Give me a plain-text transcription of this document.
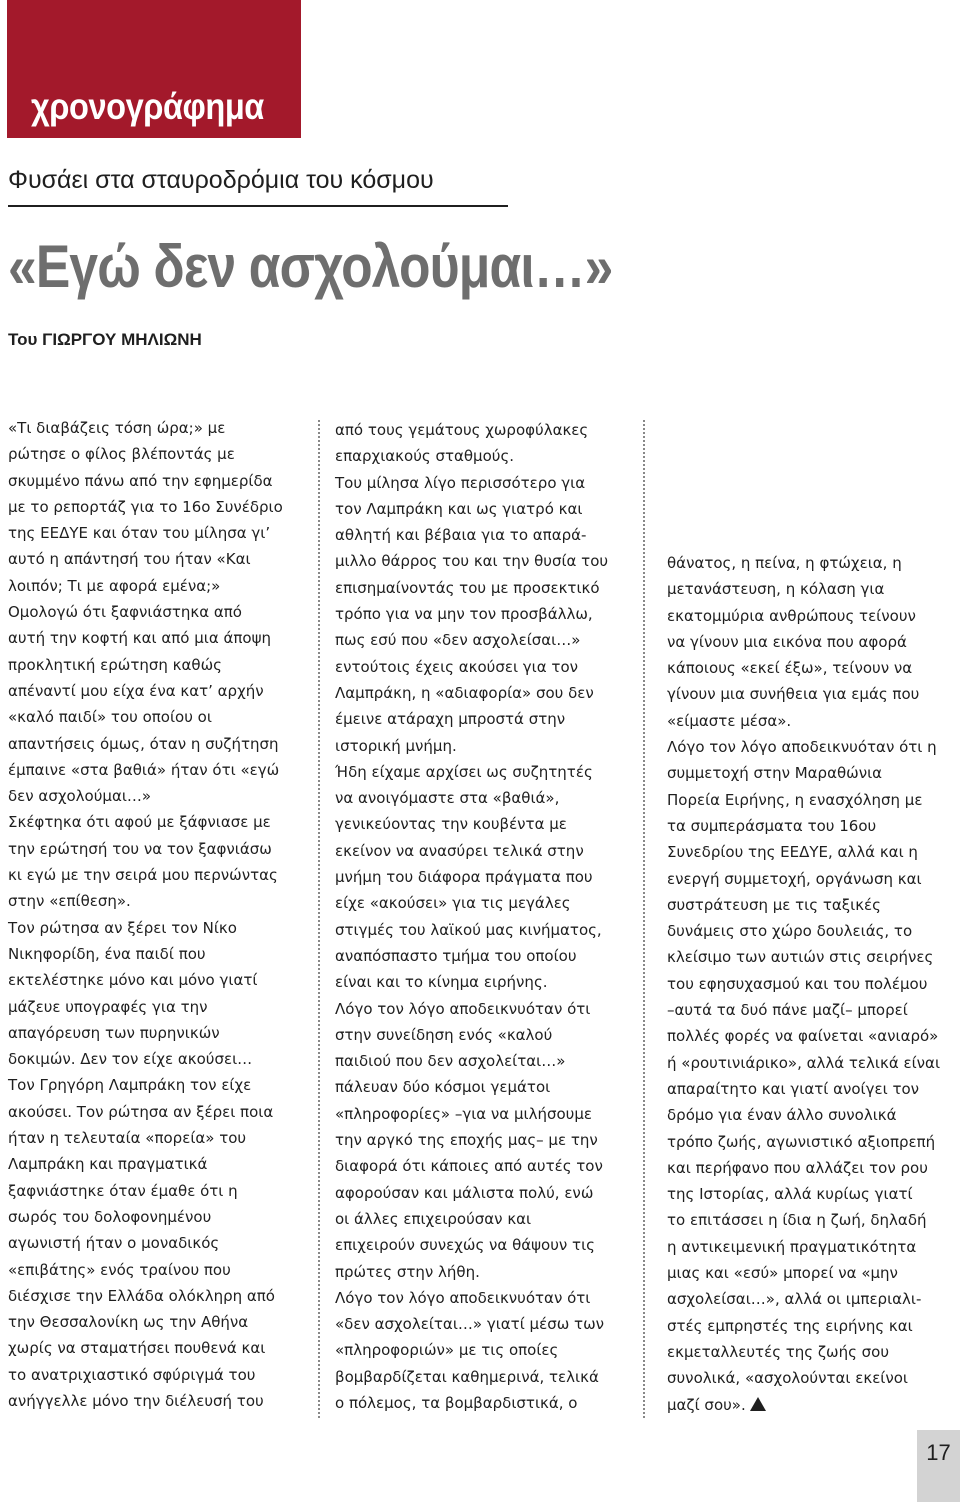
χρονογράφημα
Φυσάει στα σταυροδρόμια του κόσμου
«Εγώ δεν ασχολούμαι…»
Του ΓΙΩΡΓΟΥ ΜΗΛΙΩΝΗ
«Τι διαβάζεις τόση ώρα;» με
ρώτησε ο φίλος βλέποντάς με
σκυμμένο πάνω από την εφημερίδα
με το ρεπορτάζ για το 16ο Συνέδριο
της ΕΕΔΥΕ και όταν του μίλησα γι’
αυτό η απάντησή του ήταν «Και
λοιπόν; Τι με αφορά εμένα;»
Ομολογώ ότι ξαφνιάστηκα από
αυτή την κοφτή και από μια άποψη
προκλητική ερώτηση καθώς
απέναντί μου είχα ένα κατ’ αρχήν
«καλό παιδί» του οποίου οι
απαντήσεις όμως, όταν η συζήτηση
έμπαινε «στα βαθιά» ήταν ότι «εγώ
δεν ασχολούμαι…»
Σκέφτηκα ότι αφού με ξάφνιασε με
την ερώτησή του να τον ξαφνιάσω
κι εγώ με την σειρά μου περνώντας
στην «επίθεση».
Τον ρώτησα αν ξέρει τον Νίκο
Νικηφορίδη, ένα παιδί που
εκτελέστηκε μόνο και μόνο γιατί
μάζευε υπογραφές για την
απαγόρευση των πυρηνικών
δοκιμών. Δεν τον είχε ακούσει…
Τον Γρηγόρη Λαμπράκη τον είχε
ακούσει. Τον ρώτησα αν ξέρει ποια
ήταν η τελευταία «πορεία» του
Λαμπράκη και πραγματικά
ξαφνιάστηκε όταν έμαθε ότι η
σωρός του δολοφονημένου
αγωνιστή ήταν ο μοναδικός
«επιβάτης» ενός τραίνου που
διέσχισε την Ελλάδα ολόκληρη από
την Θεσσαλονίκη ως την Αθήνα
χωρίς να σταματήσει πουθενά και
το ανατριχιαστικό σφύριγμά του
ανήγγελλε μόνο την διέλευσή του
από τους γεμάτους χωροφύλακες
επαρχιακούς σταθμούς.
Του μίλησα λίγο περισσότερο για
τον Λαμπράκη και ως γιατρό και
αθλητή και βέβαια για το απαρά-
μιλλο θάρρος του και την θυσία του
επισημαίνοντάς του με προσεκτικό
τρόπο για να μην τον προσβάλλω,
πως εσύ που «δεν ασχολείσαι…»
εντούτοις έχεις ακούσει για τον
Λαμπράκη, η «αδιαφορία» σου δεν
έμεινε ατάραχη μπροστά στην
ιστορική μνήμη.
Ήδη είχαμε αρχίσει ως συζητητές
να ανοιγόμαστε στα «βαθιά»,
γενικεύοντας την κουβέντα με
εκείνον να ανασύρει τελικά στην
μνήμη του διάφορα πράγματα που
είχε «ακούσει» για τις μεγάλες
στιγμές του λαϊκού μας κινήματος,
αναπόσπαστο τμήμα του οποίου
είναι και το κίνημα ειρήνης.
Λόγο τον λόγο αποδεικνυόταν ότι
στην συνείδηση ενός «καλού
παιδιού που δεν ασχολείται…»
πάλευαν δύο κόσμοι γεμάτοι
«πληροφορίες» –για να μιλήσουμε
την αργκό της εποχής μας– με την
διαφορά ότι κάποιες από αυτές τον
αφορούσαν και μάλιστα πολύ, ενώ
οι άλλες επιχειρούσαν και
επιχειρούν συνεχώς να θάψουν τις
πρώτες στην λήθη.
Λόγο τον λόγο αποδεικνυόταν ότι
«δεν ασχολείται…» γιατί μέσω των
«πληροφοριών» με τις οποίες
βομβαρδίζεται καθημερινά, τελικά
ο πόλεμος, τα βομβαρδιστικά, ο
θάνατος, η πείνα, η φτώχεια, η
μετανάστευση, η κόλαση για
εκατομμύρια ανθρώπους τείνουν
να γίνουν μια εικόνα που αφορά
κάποιους «εκεί έξω», τείνουν να
γίνουν μια συνήθεια για εμάς που
«είμαστε μέσα».
Λόγο τον λόγο αποδεικνυόταν ότι η
συμμετοχή στην Μαραθώνια
Πορεία Ειρήνης, η ενασχόληση με
τα συμπεράσματα του 16ου
Συνεδρίου της ΕΕΔΥΕ, αλλά και η
ενεργή συμμετοχή, οργάνωση και
συστράτευση με τις ταξικές
δυνάμεις στο χώρο δουλειάς, το
κλείσιμο των αυτιών στις σειρήνες
του εφησυχασμού και του πολέμου
–αυτά τα δυό πάνε μαζί– μπορεί
πολλές φορές να φαίνεται «ανιαρό»
ή «ρουτινιάρικο», αλλά τελικά είναι
απαραίτητο και γιατί ανοίγει τον
δρόμο για έναν άλλο συνολικά
τρόπο ζωής, αγωνιστικό αξιοπρεπή
και περήφανο που αλλάζει τον ρου
της Ιστορίας, αλλά κυρίως γιατί
το επιτάσσει η ίδια η ζωή, δηλαδή
η αντικειμενική πραγματικότητα
μιας και «εσύ» μπορεί να «μην
ασχολείσαι…», αλλά οι ιμπεριαλι-
στές εμπρηστές της ειρήνης και
εκμεταλλευτές της ζωής σου
συνολικά, «ασχολούνται εκείνοι
μαζί σου».
17
